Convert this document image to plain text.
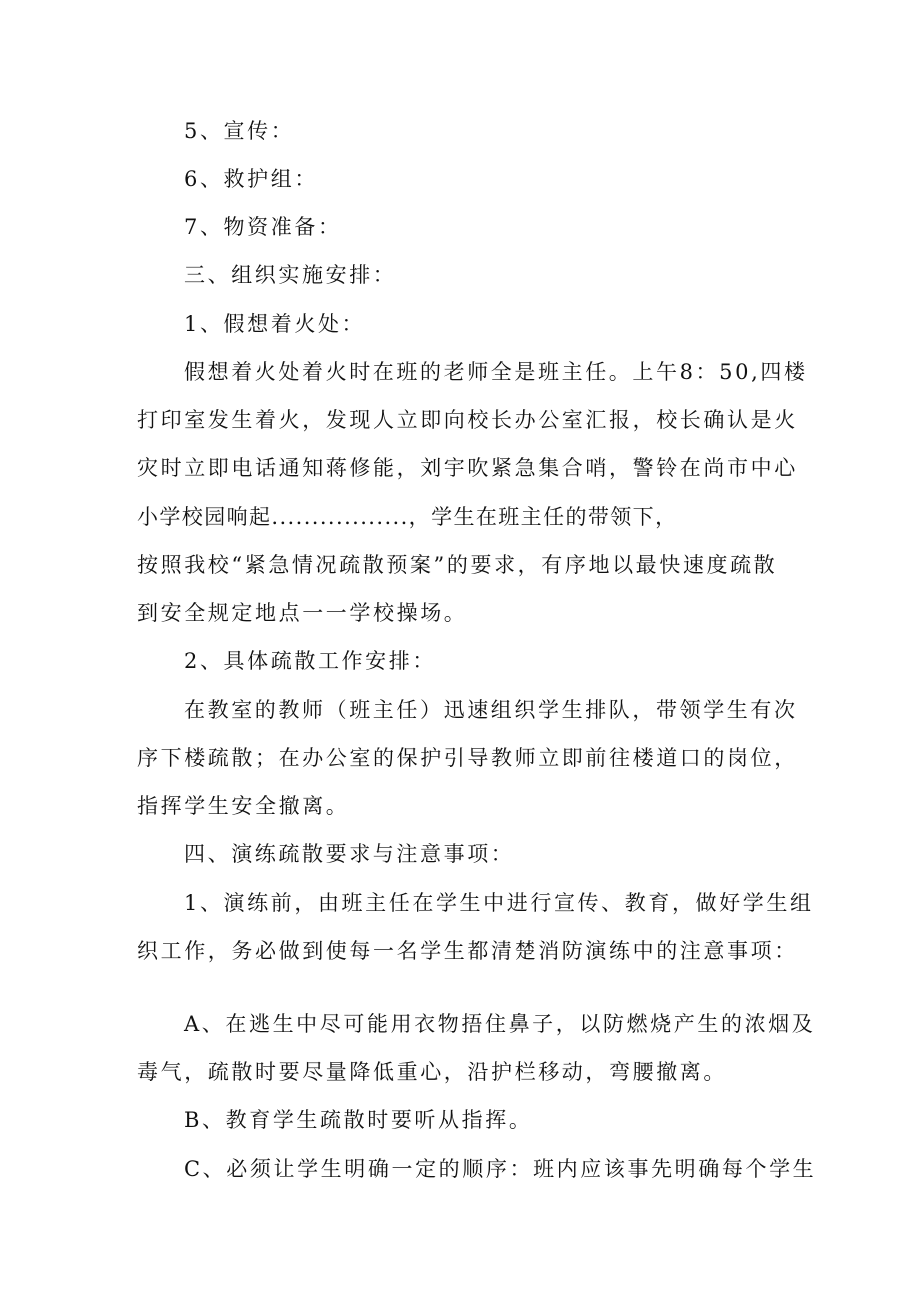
5、宣传：

6、救护组：

7、物资准备：

三、组织实施安排：

1、假想着火处：

假想着火处着火时在班的老师全是班主任。上午8：50,四楼

打印室发生着火，发现人立即向校长办公室汇报，校长确认是火

灾时立即电话通知蒋修能，刘宇吹紧急集合哨，警铃在尚市中心

小学校园响起.................，学生在班主任的带领下，

按照我校“紧急情况疏散预案”的要求，有序地以最快速度疏散

到安全规定地点一一学校操场。

2、具体疏散工作安排：

在教室的教师（班主任）迅速组织学生排队，带领学生有次

序下楼疏散；在办公室的保护引导教师立即前往楼道口的岗位，

指挥学生安全撤离。

四、演练疏散要求与注意事项：

1、演练前，由班主任在学生中进行宣传、教育，做好学生组

织工作，务必做到使每一名学生都清楚消防演练中的注意事项：

A、在逃生中尽可能用衣物捂住鼻子，以防燃烧产生的浓烟及

毒气，疏散时要尽量降低重心，沿护栏移动，弯腰撤离。

B、教育学生疏散时要听从指挥。

C、必须让学生明确一定的顺序：班内应该事先明确每个学生
